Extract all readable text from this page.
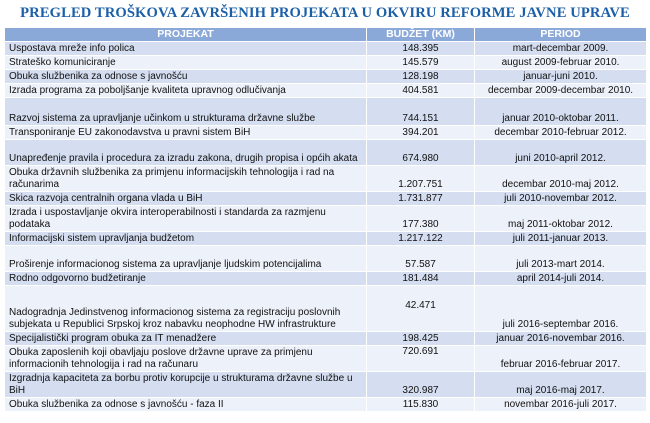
PREGLED TROŠKOVA ZAVRŠENIH PROJEKATA U OKVIRU REFORME JAVNE UPRAVE
PROJEKAT	BUDŽET (KM)	PERIOD
Uspostava mreže info polica	148.395	mart-decembar 2009.
Strateško komuniciranje	145.579	august 2009-februar 2010.
Obuka službenika za odnose s javnošću	128.198	januar-juni 2010.
Izrada programa za poboljšanje kvaliteta upravnog odlučivanja	404.581	decembar 2009-decembar 2010.
Razvoj sistema za upravljanje učinkom u strukturama državne službe	744.151	januar 2010-oktobar 2011.
Transponiranje EU zakonodavstva u pravni sistem BiH	394.201	decembar 2010-februar 2012.
Unapređenje pravila i procedura za izradu zakona, drugih propisa i općih akata	674.980	juni 2010-april 2012.
Obuka državnih službenika za primjenu informacijskih tehnologija i rad na računarima	1.207.751	decembar 2010-maj 2012.
Skica razvoja centralnih organa vlada u BiH	1.731.877	juli 2010-novembar 2012.
Izrada i uspostavljanje okvira interoperabilnosti i standarda za razmjenu podataka	177.380	maj 2011-oktobar 2012.
Informacijski sistem upravljanja budžetom	1.217.122	juli 2011-januar 2013.
Proširenje informacionog sistema za upravljanje ljudskim potencijalima	57.587	juli 2013-mart 2014.
Rodno odgovorno budžetiranje	181.484	april 2014-juli 2014.
Nadogradnja Jedinstvenog informacionog sistema za registraciju poslovnih subjekata u Republici Srpskoj kroz nabavku neophodne HW infrastrukture	42.471	juli 2016-septembar 2016.
Specijalistički program obuka za IT menadžere	198.425	januar 2016-novembar 2016.
Obuka zaposlenih koji obavljaju poslove državne uprave za primjenu informacionih tehnologija i rad na računaru	720.691	februar 2016-februar 2017.
Izgradnja kapaciteta za borbu protiv korupcije u strukturama državne službe u BiH	320.987	maj 2016-maj 2017.
Obuka službenika za odnose s javnošću - faza II	115.830	novembar 2016-juli 2017.
